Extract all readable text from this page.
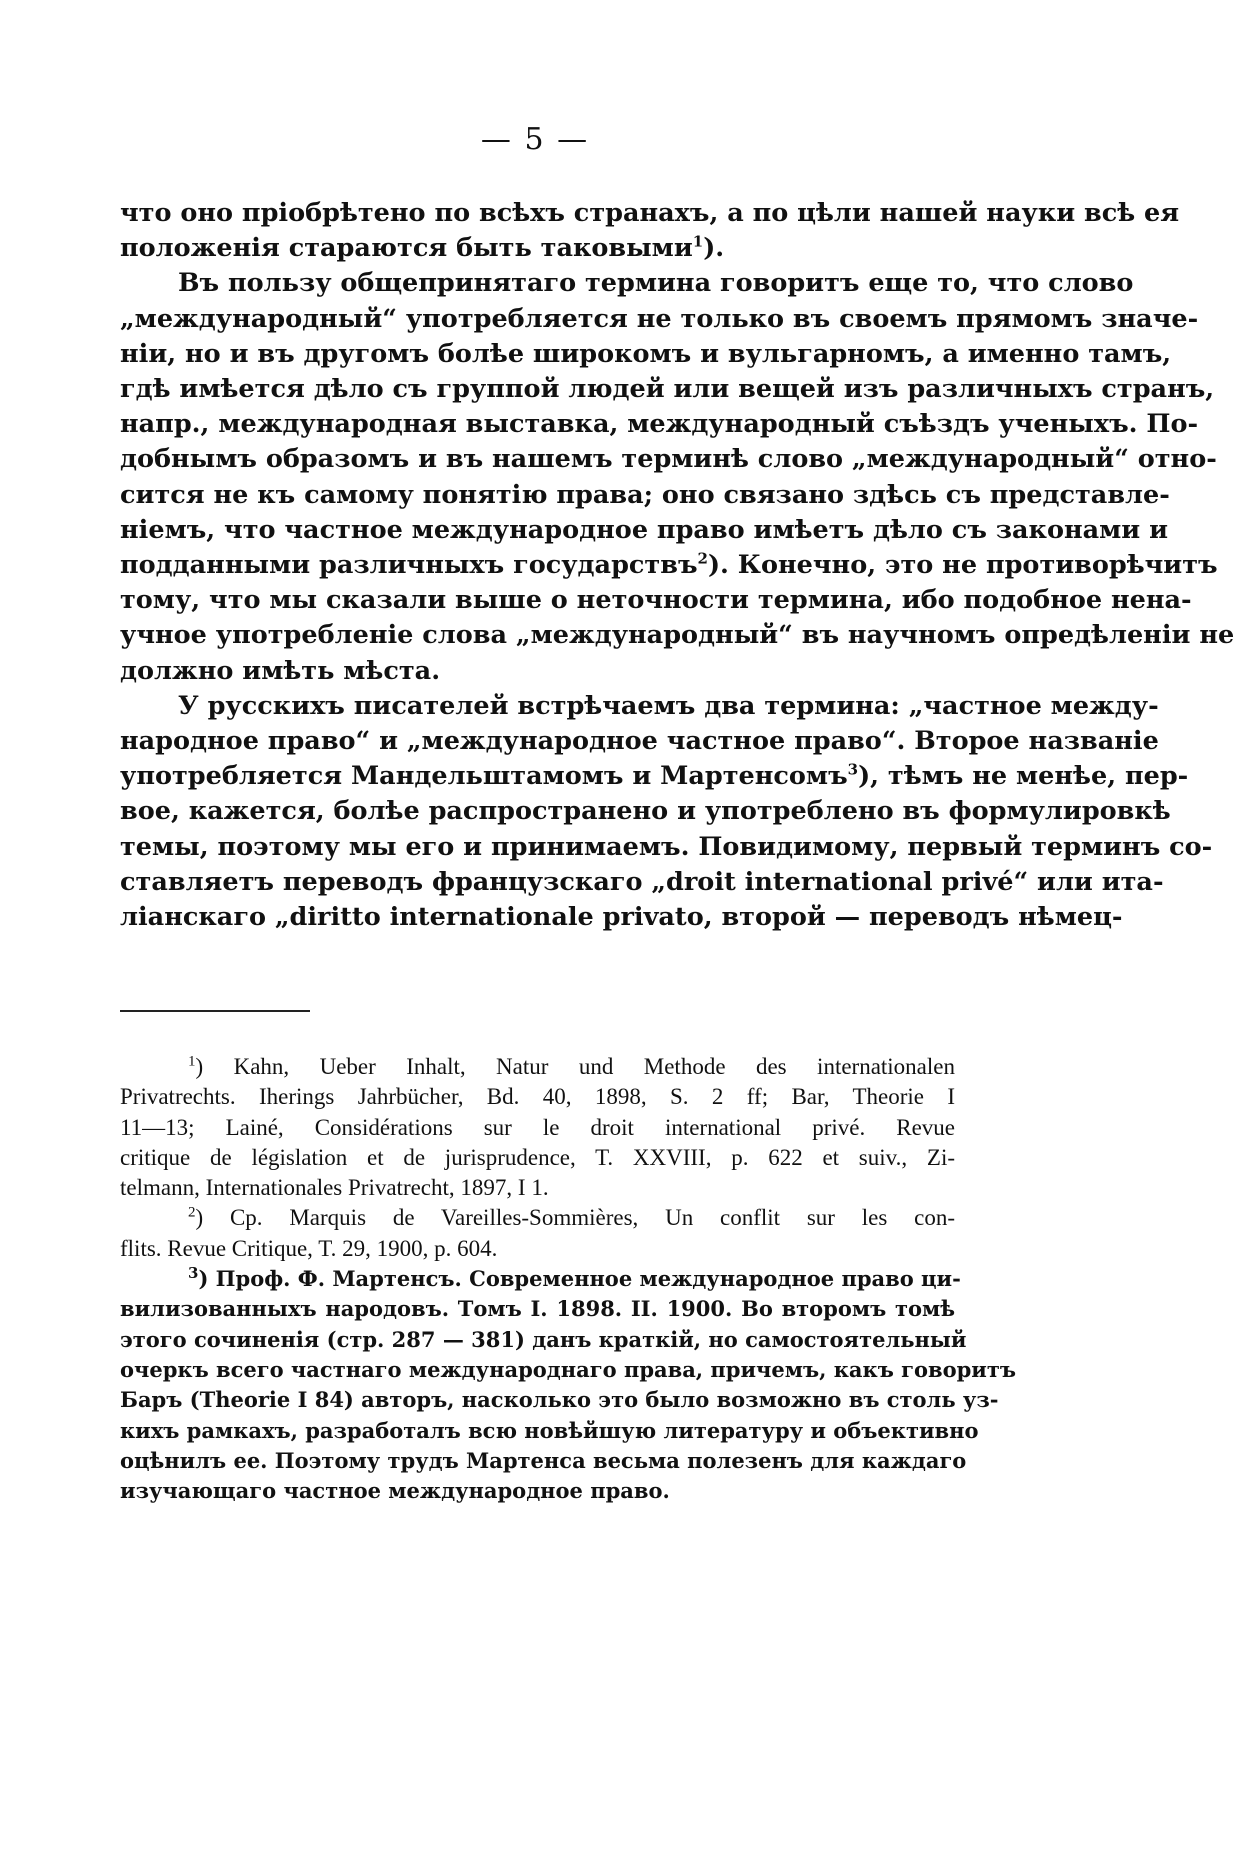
— 5 —
что оно пріобрѣтено по всѣхъ странахъ, а по цѣли нашей науки всѣ ея
положенія стараются быть таковыми$^1$).
Въ пользу общепринятаго термина говоритъ еще то, что слово
„международный“ употребляется не только въ своемъ прямомъ значе-
ніи, но и въ другомъ болѣе широкомъ и вульгарномъ, а именно тамъ,
гдѣ имѣется дѣло съ группой людей или вещей изъ различныхъ странъ,
напр., международная выставка, международный съѣздъ ученыхъ. По-
добнымъ образомъ и въ нашемъ терминѣ слово „международный“ отно-
сится не къ самому понятію права; оно связано здѣсь съ представле-
ніемъ, что частное международное право имѣетъ дѣло съ законами и
подданными различныхъ государствъ$^2$). Конечно, это не противорѣчитъ
тому, что мы сказали выше о неточности термина, ибо подобное нена-
учное употребленіе слова „международный“ въ научномъ опредѣленіи не
должно имѣть мѣста.
У русскихъ писателей встрѣчаемъ два термина: „частное между-
народное право“ и „международное частное право“. Второе названіе
употребляется Мандельштамомъ и Мартенсомъ$^3$), тѣмъ не менѣе, пер-
вое, кажется, болѣе распространено и употреблено въ формулировкѣ
темы, поэтому мы его и принимаемъ. Повидимому, первый терминъ со-
ставляетъ переводъ французскаго „droit international privé“ или ита-
ліанскаго „diritto internationale privato, второй — переводъ нѣмец-
$^1$) Kahn, Ueber Inhalt, Natur und Methode des internationalen
Privatrechts. Iherings Jahrbücher, Bd. 40, 1898, S. 2 ff; Bar, Theorie I
11—13; Lainé, Considérations sur le droit international privé. Revue
critique de législation et de jurisprudence, T. XXVIII, p. 622 et suiv., Zi-
telmann, Internationales Privatrecht, 1897, I 1.
$^2$) Ср. Marquis de Vareilles-Sommières, Un conflit sur les con-
flits. Revue Critique, T. 29, 1900, p. 604.
$^3$) Проф. Ф. Мартенсъ. Современное международное право ци-
вилизованныхъ народовъ. Томъ I. 1898. II. 1900. Во второмъ томѣ
этого сочиненія (стр. 287 — 381) данъ краткій, но самостоятельный
очеркъ всего частнаго международнаго права, причемъ, какъ говоритъ
Баръ (Theorie I 84) авторъ, насколько это было возможно въ столь уз-
кихъ рамкахъ, разработалъ всю новѣйшую литературу и объективно
оцѣнилъ ее. Поэтому трудъ Мартенса весьма полезенъ для каждаго
изучающаго частное международное право.
